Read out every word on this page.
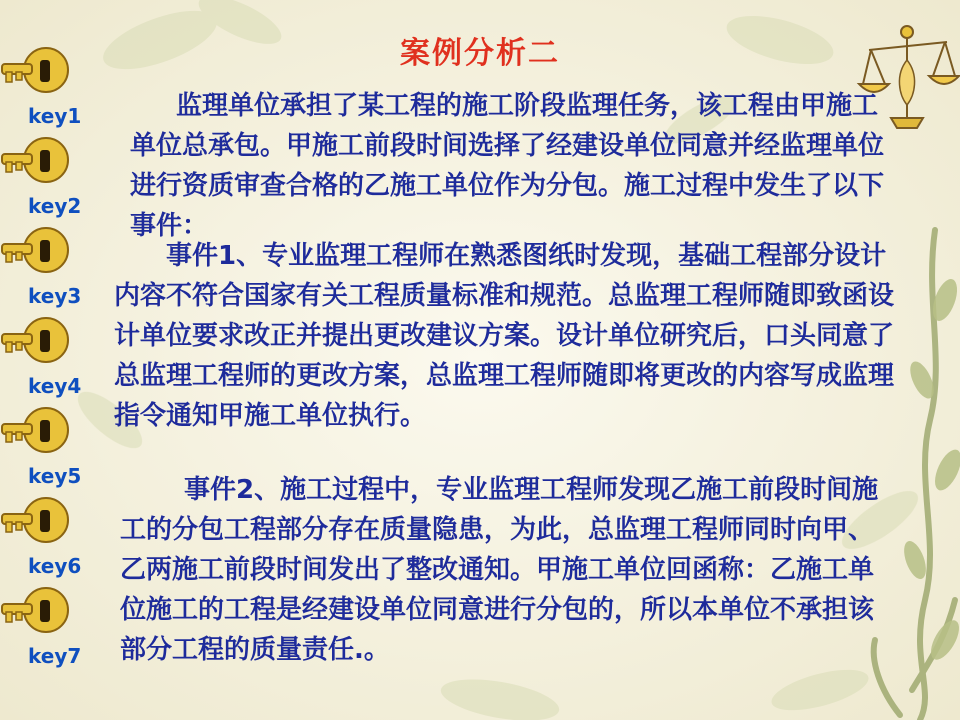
案例分析二
key1
key2
key3
key4
key5
key6
key7

监理单位承担了某工程的施工阶段监理任务，该工程由甲施工单位总承包。甲施工前段时间选择了经建设单位同意并经监理单位进行资质审查合格的乙施工单位作为分包。施工过程中发生了以下事件：

事件1、专业监理工程师在熟悉图纸时发现，基础工程部分设计内容不符合国家有关工程质量标准和规范。总监理工程师随即致函设计单位要求改正并提出更改建议方案。设计单位研究后，口头同意了总监理工程师的更改方案，总监理工程师随即将更改的内容写成监理指令通知甲施工单位执行。

事件2、施工过程中，专业监理工程师发现乙施工前段时间施工的分包工程部分存在质量隐患，为此，总监理工程师同时向甲、乙两施工前段时间发出了整改通知。甲施工单位回函称：乙施工单位施工的工程是经建设单位同意进行分包的，所以本单位不承担该部分工程的质量责任.。
